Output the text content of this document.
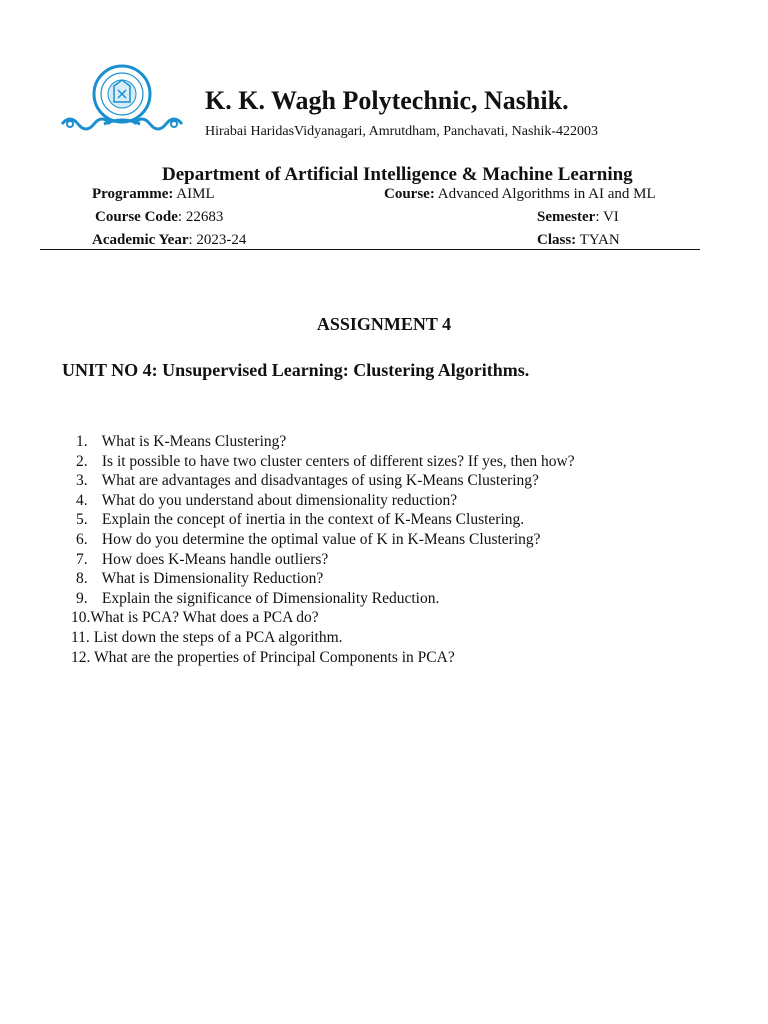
K. K. Wagh Polytechnic, Nashik.
Hirabai HaridasVidyanagari, Amrutdham, Panchavati, Nashik-422003
Department of Artificial Intelligence & Machine Learning
Programme: AIML	Course: Advanced Algorithms in AI and ML
Course Code: 22683	Semester: VI
Academic Year: 2023-24	Class: TYAN
ASSIGNMENT 4
UNIT NO 4: Unsupervised Learning: Clustering Algorithms.
1. What is K-Means Clustering?
2. Is it possible to have two cluster centers of different sizes? If yes, then how?
3. What are advantages and disadvantages of using K-Means Clustering?
4. What do you understand about dimensionality reduction?
5. Explain the concept of inertia in the context of K-Means Clustering.
6. How do you determine the optimal value of K in K-Means Clustering?
7. How does K-Means handle outliers?
8. What is Dimensionality Reduction?
9. Explain the significance of Dimensionality Reduction.
10.What is PCA? What does a PCA do?
11. List down the steps of a PCA algorithm.
12. What are the properties of Principal Components in PCA?
